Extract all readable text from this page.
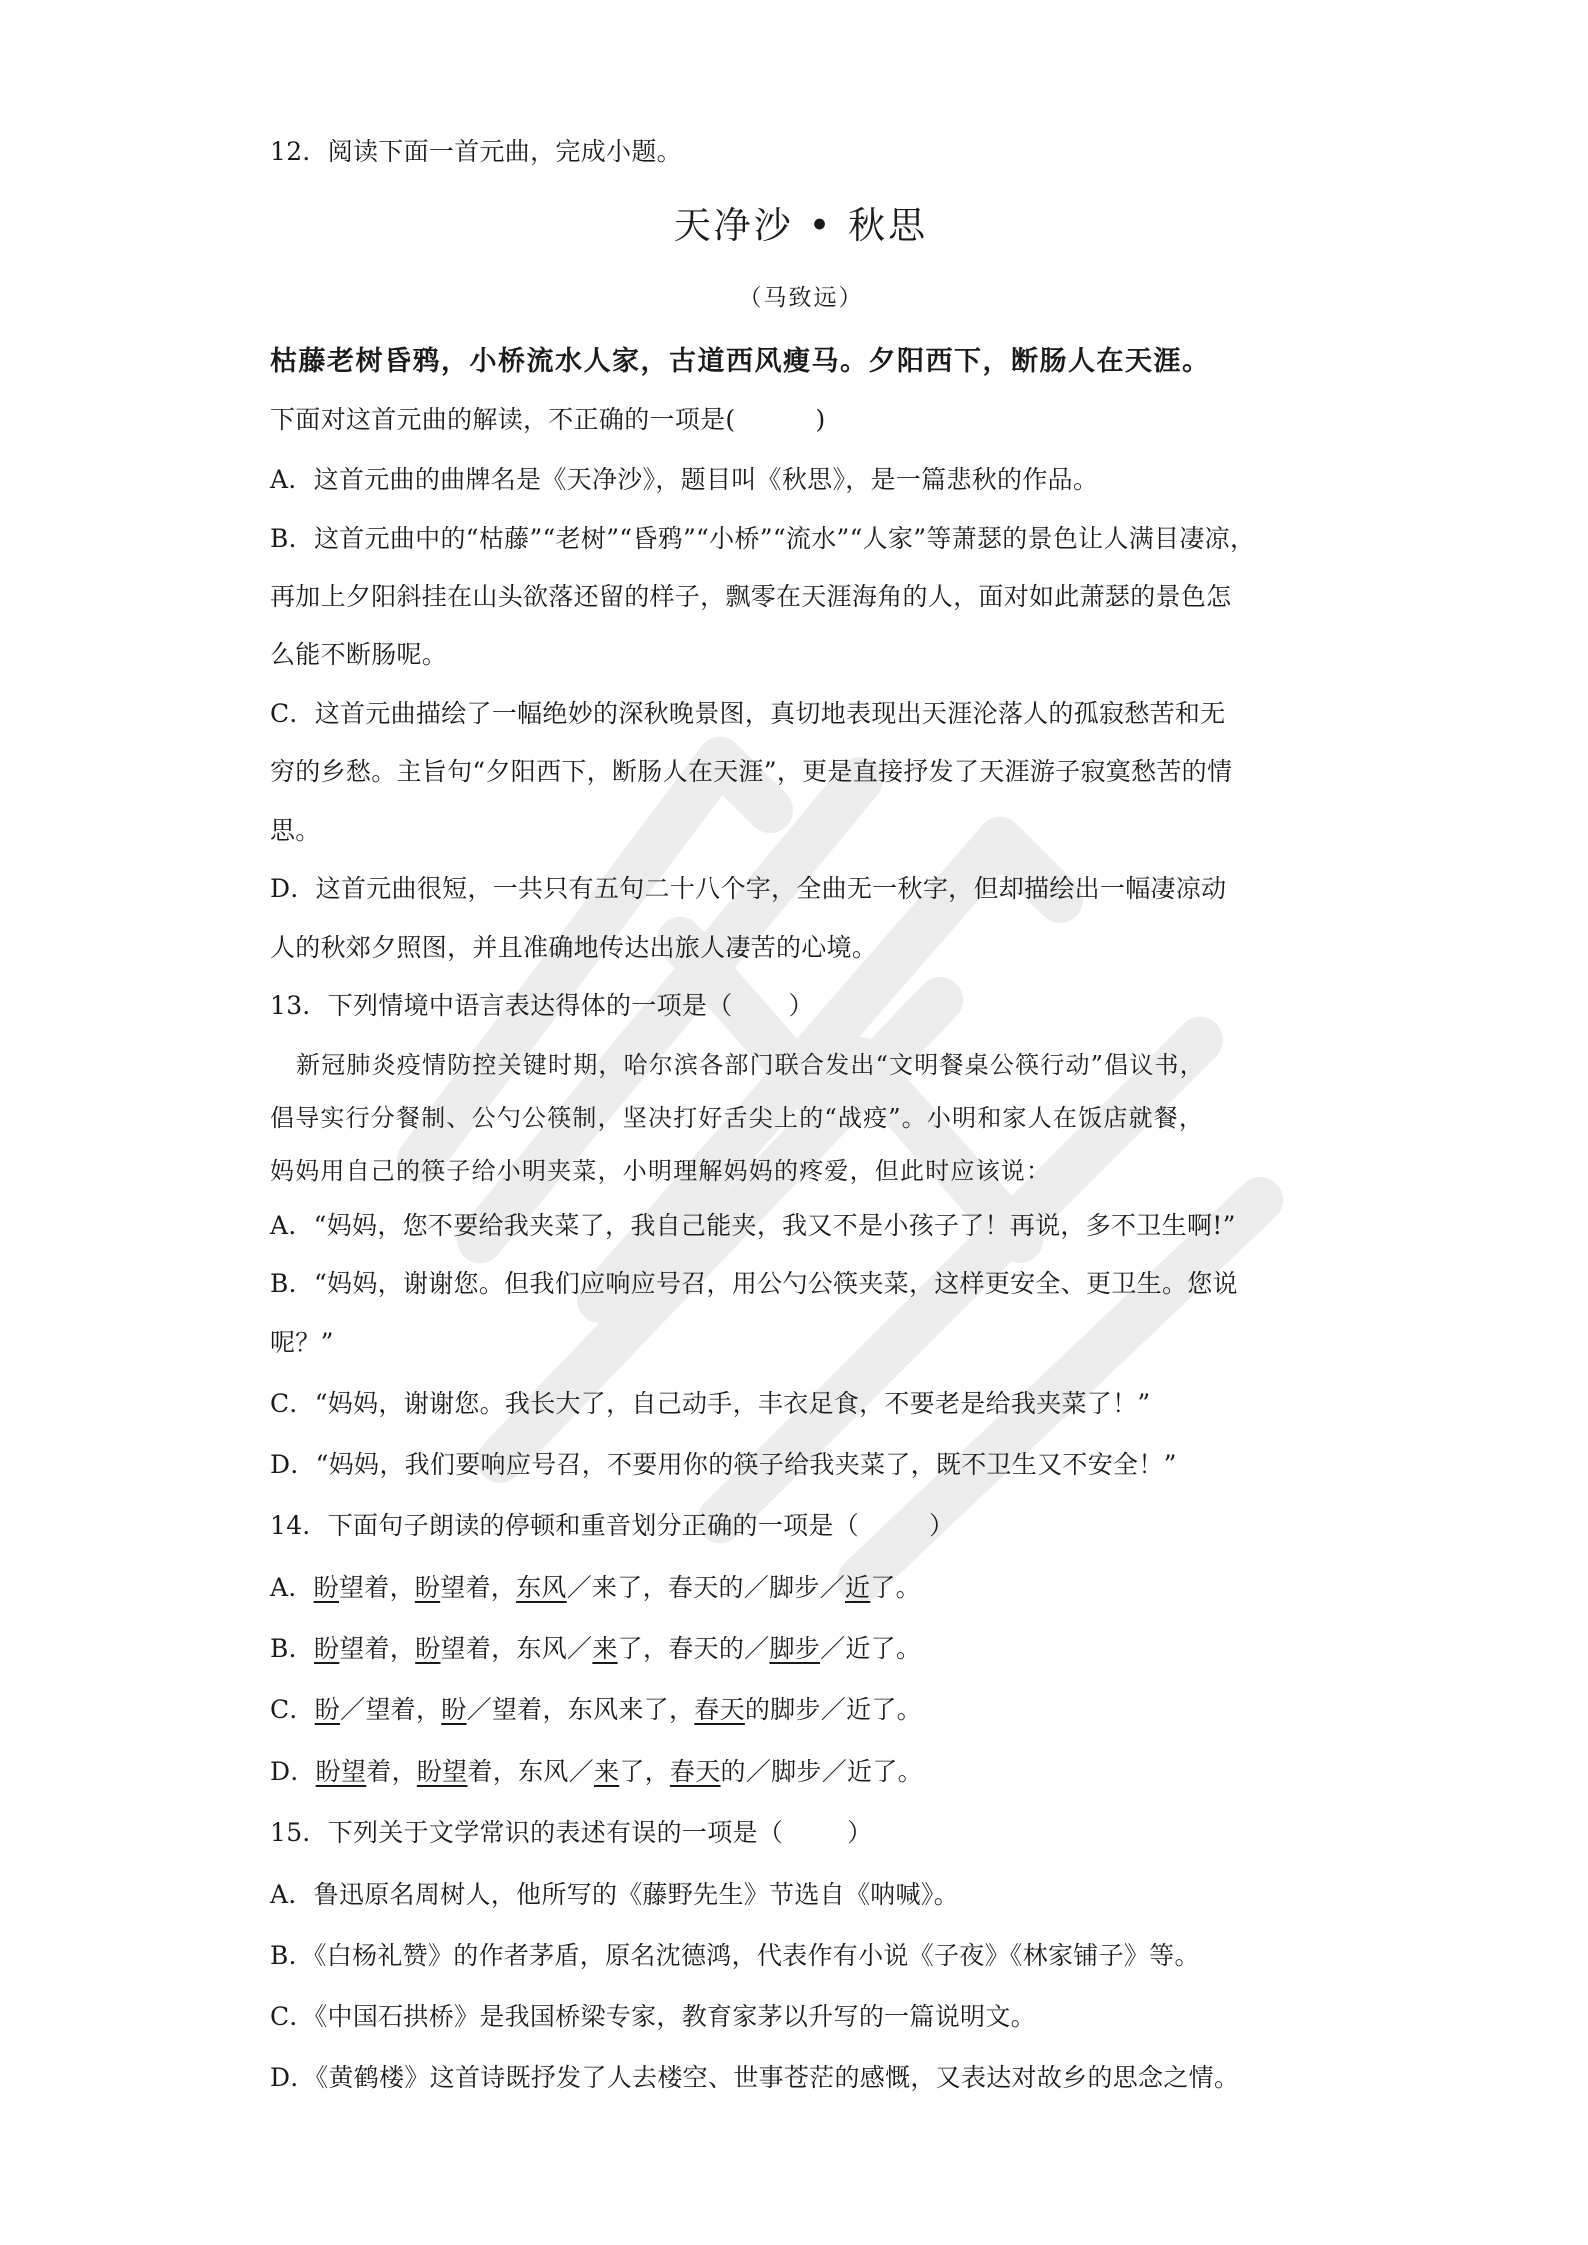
12．阅读下面一首元曲，完成小题。
天净沙 • 秋思
（马致远）
枯藤老树昏鸦，小桥流水人家，古道西风瘦马。夕阳西下，断肠人在天涯。
下面对这首元曲的解读，不正确的一项是(	)
A．这首元曲的曲牌名是《天净沙》，题目叫《秋思》，是一篇悲秋的作品。
B．这首元曲中的“枯藤”“老树”“昏鸦”“小桥”“流水”“人家”等萧瑟的景色让人满目凄凉，
再加上夕阳斜挂在山头欲落还留的样子，飘零在天涯海角的人，面对如此萧瑟的景色怎
么能不断肠呢。
C．这首元曲描绘了一幅绝妙的深秋晚景图，真切地表现出天涯沦落人的孤寂愁苦和无
穷的乡愁。主旨句“夕阳西下，断肠人在天涯”，更是直接抒发了天涯游子寂寞愁苦的情
思。
D．这首元曲很短，一共只有五句二十八个字，全曲无一秋字，但却描绘出一幅凄凉动
人的秋郊夕照图，并且准确地传达出旅人凄苦的心境。
13．下列情境中语言表达得体的一项是（ ）
新冠肺炎疫情防控关键时期，哈尔滨各部门联合发出“文明餐桌公筷行动”倡议书，
倡导实行分餐制、公勺公筷制，坚决打好舌尖上的“战疫”。小明和家人在饭店就餐，
妈妈用自己的筷子给小明夹菜，小明理解妈妈的疼爱，但此时应该说：
A．“妈妈，您不要给我夹菜了，我自己能夹，我又不是小孩子了！再说，多不卫生啊!”
B．“妈妈，谢谢您。但我们应响应号召，用公勺公筷夹菜，这样更安全、更卫生。您说
呢？”
C．“妈妈，谢谢您。我长大了，自己动手，丰衣足食，不要老是给我夹菜了！”
D．“妈妈，我们要响应号召，不要用你的筷子给我夹菜了，既不卫生又不安全！”
14．下面句子朗读的停顿和重音划分正确的一项是（	）
A．盼望着，盼望着，东风／来了，春天的／脚步／近了。
B．盼望着，盼望着，东风／来了，春天的／脚步／近了。
C．盼／望着，盼／望着，东风来了，春天的脚步／近了。
D．盼望着，盼望着，东风／来了，春天的／脚步／近了。
15．下列关于文学常识的表述有误的一项是（	）
A．鲁迅原名周树人，他所写的《藤野先生》节选自《呐喊》。
B．《白杨礼赞》的作者茅盾，原名沈德鸿，代表作有小说《子夜》《林家铺子》等。
C．《中国石拱桥》是我国桥梁专家，教育家茅以升写的一篇说明文。
D．《黄鹤楼》这首诗既抒发了人去楼空、世事苍茫的感慨，又表达对故乡的思念之情。
